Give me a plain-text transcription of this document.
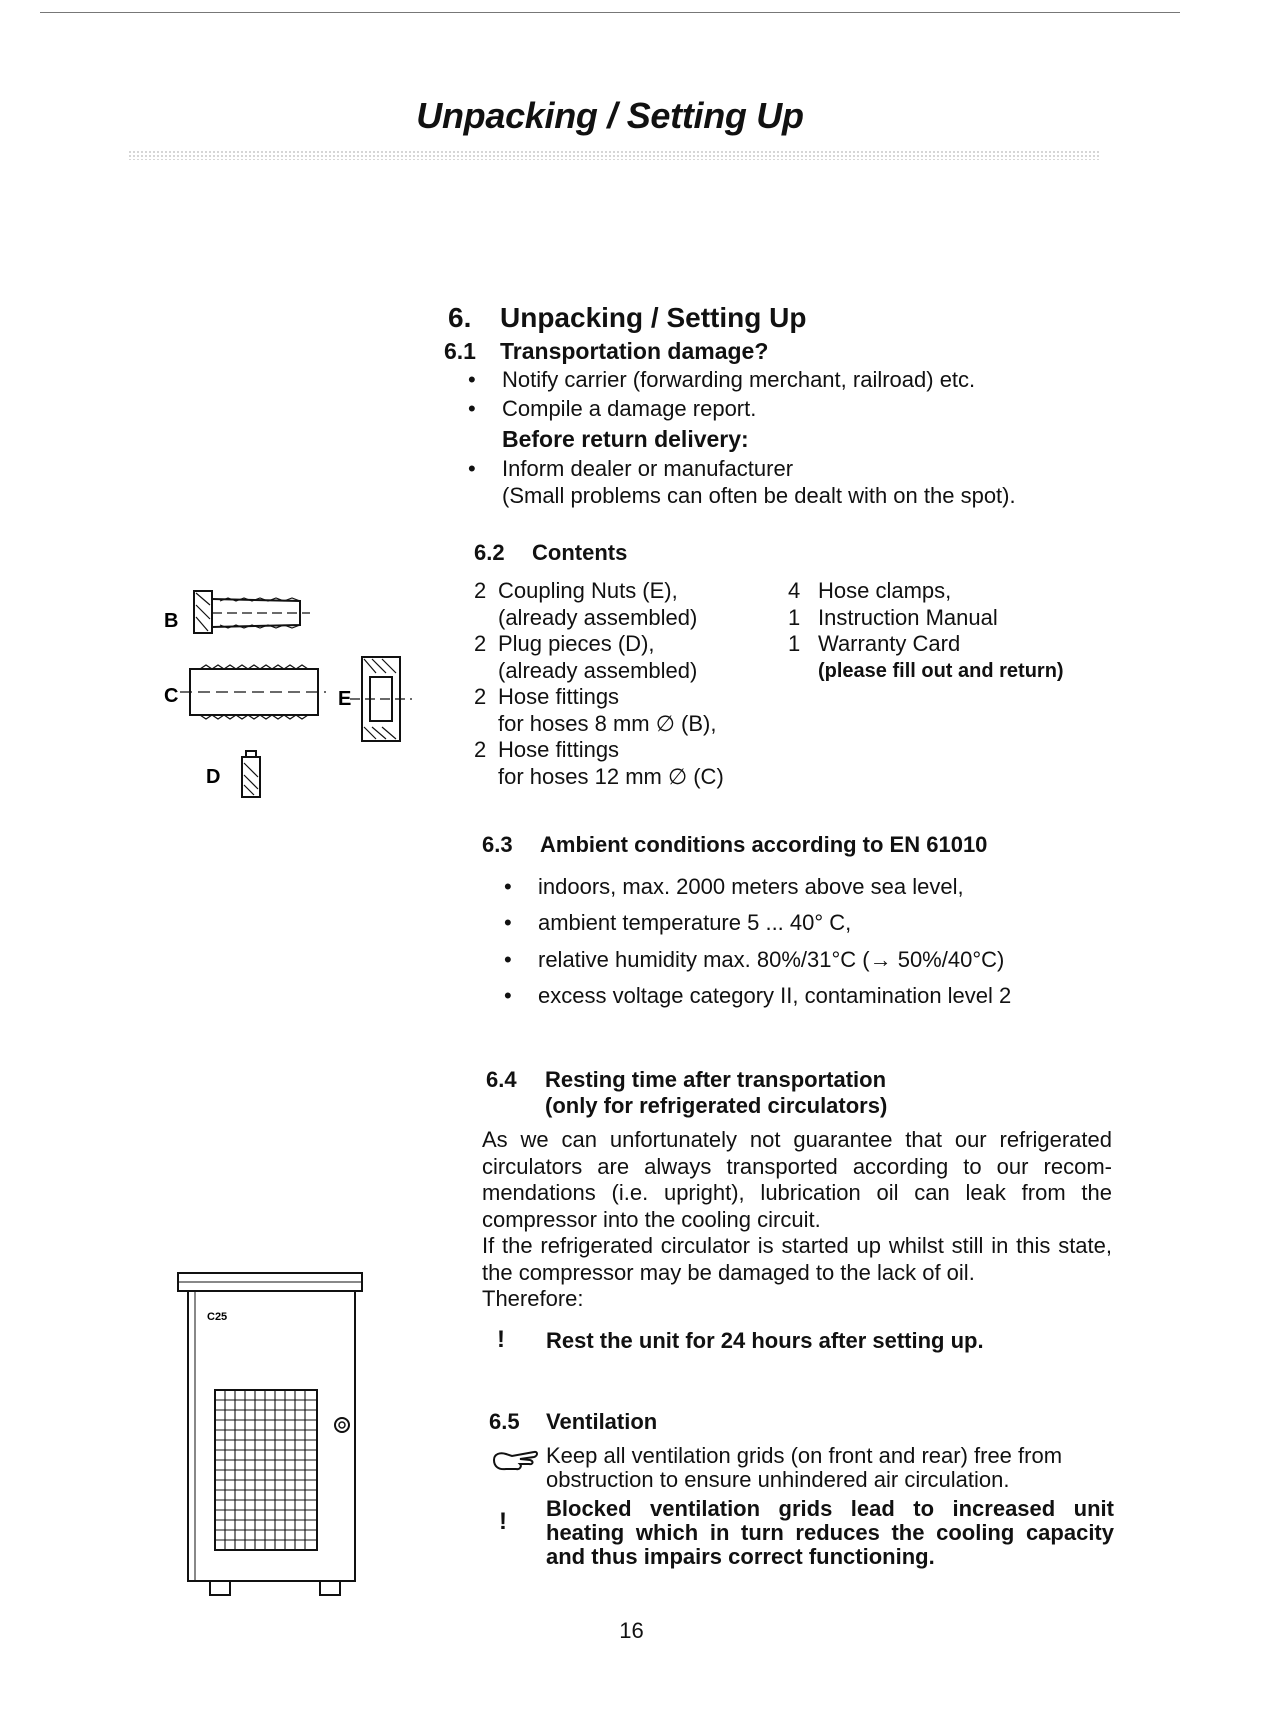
Unpacking / Setting Up
6. Unpacking / Setting Up
6.1 Transportation damage?
• Notify carrier (forwarding merchant, railroad) etc.
• Compile a damage report.
Before return delivery:
• Inform dealer or manufacturer
(Small problems can often be dealt with on the spot).
6.2 Contents
2 Coupling Nuts (E),
(already assembled)
2 Plug pieces (D),
(already assembled)
2 Hose fittings
for hoses 8 mm ∅ (B),
2 Hose fittings
for hoses 12 mm ∅ (C)
4 Hose clamps,
1 Instruction Manual
1 Warranty Card
(please fill out and return)
B
C	E
D
6.3 Ambient conditions according to EN 61010
• indoors, max. 2000 meters above sea level,
• ambient temperature 5 ... 40° C,
• relative humidity max. 80%/31°C (→ 50%/40°C)
• excess voltage category II, contamination level 2
6.4 Resting time after transportation
(only for refrigerated circulators)
As we can unfortunately not guarantee that our refrigerated circulators are always transported according to our recommendations (i.e. upright), lubrication oil can leak from the compressor into the cooling circuit.
If the refrigerated circulator is started up whilst still in this state, the compressor may be damaged to the lack of oil.
Therefore:
! Rest the unit for 24 hours after setting up.
6.5 Ventilation
Keep all ventilation grids (on front and rear) free from obstruction to ensure unhindered air circulation.
! Blocked ventilation grids lead to increased unit heating which in turn reduces the cooling capacity and thus impairs correct functioning.
C25
16
